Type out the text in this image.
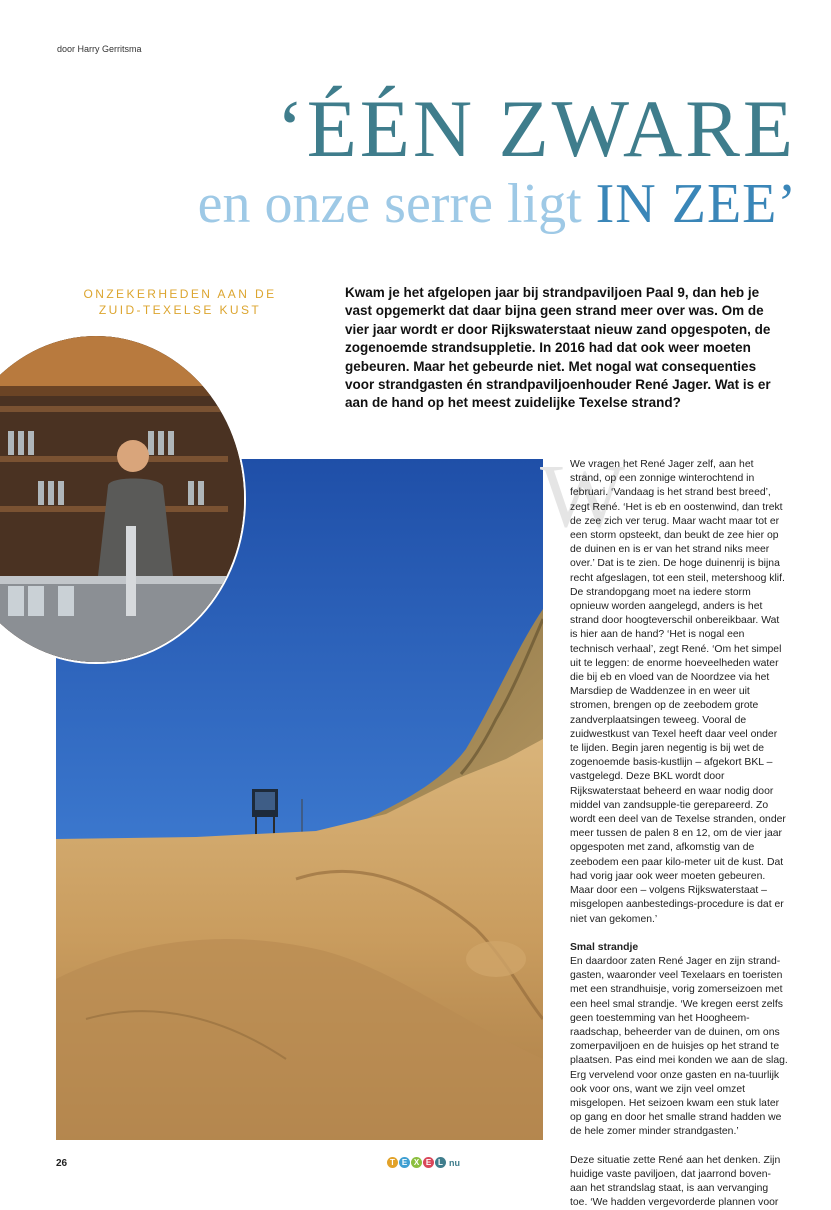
door Harry Gerritsma
‘ÉÉN ZWARE
en onze serre ligt IN ZEE’
ONZEKERHEDEN AAN DE ZUID-TEXELSE KUST
Kwam je het afgelopen jaar bij strandpaviljoen Paal 9, dan heb je vast opgemerkt dat daar bijna geen strand meer over was. Om de vier jaar wordt er door Rijkswaterstaat nieuw zand opgespoten, de zogenoemde strandsuppletie. In 2016 had dat ook weer moeten gebeuren. Maar het gebeurde niet. Met nogal wat consequenties voor strandgasten én strandpaviljoenhouder René Jager. Wat is er aan de hand op het meest zuidelijke Texelse strand?
W

We vragen het René Jager zelf, aan het strand, op een zonnige winterochtend in februari. ‘Vandaag is het strand best breed’, zegt René. ‘Het is eb en oostenwind, dan trekt de zee zich ver terug. Maar wacht maar tot er een storm opsteekt, dan beukt de zee hier op de duinen en is er van het strand niks meer over.’ Dat is te zien. De hoge duinenrij is bijna recht afgeslagen, tot een steil, metershoog klif. De strandopgang moet na iedere storm opnieuw worden aangelegd, anders is het strand door hoogteverschil onbereikbaar. Wat is hier aan de hand? ‘Het is nogal een technisch verhaal’, zegt René. ‘Om het simpel uit te leggen: de enorme hoeveelheden water die bij eb en vloed van de Noordzee via het Marsdiep de Waddenzee in en weer uit stromen, brengen op de zeebodem grote zandverplaatsingen teweeg. Vooral de zuidwestkust van Texel heeft daar veel onder te lijden. Begin jaren negentig is bij wet de zogenoemde basis-kustlijn – afgekort BKL – vastgelegd. Deze BKL wordt door Rijkswaterstaat beheerd en waar nodig door middel van zandsupple-tie gerepareerd. Zo wordt een deel van de Texelse stranden, onder meer tussen de palen 8 en 12, om de vier jaar opgespoten met zand, afkomstig van de zeebodem een paar kilo-meter uit de kust. Dat had vorig jaar ook weer moeten gebeuren. Maar door een – volgens Rijkswaterstaat – misgelopen aanbestedings-procedure is dat er niet van gekomen.’

Smal strandje

En daardoor zaten René Jager en zijn strand-gasten, waaronder veel Texelaars en toeristen met een strandhuisje, vorig zomerseizoen met een heel smal strandje. ‘We kregen eerst zelfs geen toestemming van het Hoogheem-raadschap, beheerder van de duinen, om ons zomerpaviljoen en de huisjes op het strand te plaatsen. Pas eind mei konden we aan de slag. Erg vervelend voor onze gasten en na-tuurlijk ook voor ons, want we zijn veel omzet misgelopen. Het seizoen kwam een stuk later op gang en door het smalle strand hadden we de hele zomer minder strandgasten.’

Deze situatie zette René aan het denken. Zijn huidige vaste paviljoen, dat jaarrond boven-aan het strandslag staat, is aan vervanging toe. ‘We hadden vergevorderde plannen voor

26	T E X E L nu
